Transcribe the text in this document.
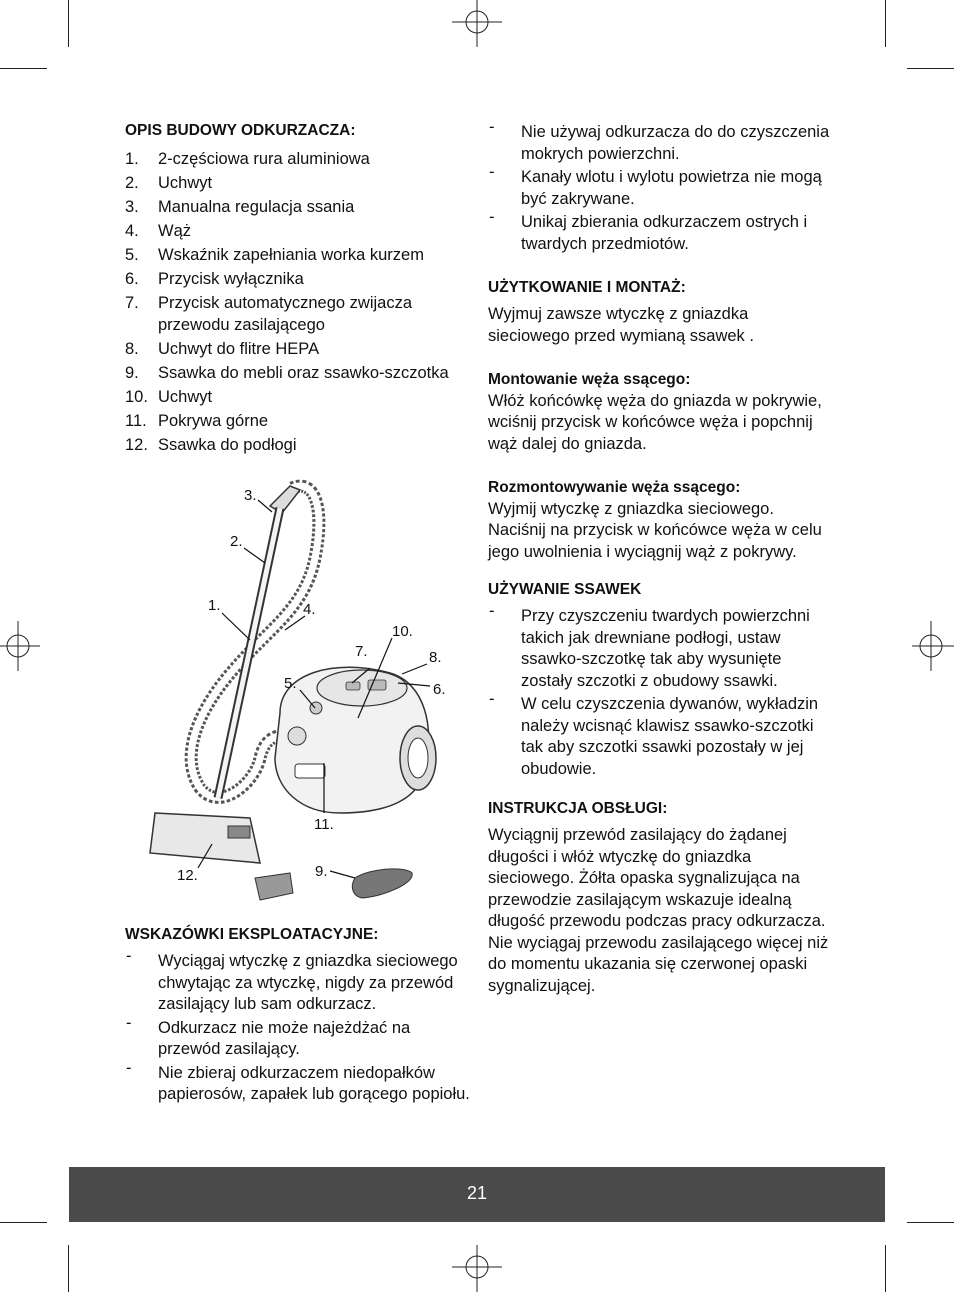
OPIS BUDOWY ODKURZACZA:
1. 2-częściowa rura aluminiowa
2. Uchwyt
3. Manualna regulacja ssania
4. Wąż
5. Wskaźnik zapełniania worka kurzem
6. Przycisk wyłącznika
7. Przycisk automatycznego zwijacza przewodu zasilającego
8. Uchwyt do flitre HEPA
9. Ssawka do mebli oraz ssawko-szczotka
10. Uchwyt
11. Pokrywa górne
12. Ssawka do podłogi
1.
2.
3.
4.
5.	6.
7.	8.
9.
10.
11.
12.
WSKAZÓWKI EKSPLOATACYJNE:
- Wyciągaj wtyczkę z gniazdka sieciowego chwytając za wtyczkę, nigdy za przewód zasilający lub sam odkurzacz.
- Odkurzacz nie może najeżdżać na przewód zasilający.
- Nie zbieraj odkurzaczem niedopałków papierosów, zapałek lub gorącego popiołu.
- Nie używaj odkurzacza do do czyszczenia mokrych powierzchni.
- Kanały wlotu i wylotu powietrza nie mogą być zakrywane.
- Unikaj zbierania odkurzaczem ostrych i twardych przedmiotów.
UŻYTKOWANIE I MONTAŻ:

Wyjmuj zawsze wtyczkę z gniazdka sieciowego przed wymianą ssawek .

Montowanie węża ssącego:
Włóż końcówkę węża do gniazda w pokrywie, wciśnij przycisk w końcówce węża i popchnij wąż dalej do gniazda.
Rozmontowywanie węża ssącego:
Wyjmij wtyczkę z gniazdka sieciowego. Naciśnij na przycisk w końcówce węża w celu jego uwolnienia i wyciągnij wąż z pokrywy.
UŻYWANIE SSAWEK
- Przy czyszczeniu twardych powierzchni takich jak drewniane podłogi, ustaw ssawko-szczotkę tak aby wysunięte zostały szczotki z obudowy ssawki.
- W celu czyszczenia dywanów, wykładzin należy wcisnąć klawisz ssawko-szczotki tak aby szczotki ssawki pozostały w jej obudowie.
INSTRUKCJA OBSŁUGI:

Wyciągnij przewód zasilający do żądanej długości i włóż wtyczkę do gniazdka sieciowego. Żółta opaska sygnalizująca na przewodzie zasilającym wskazuje idealną długość przewodu podczas pracy odkurzacza. Nie wyciągaj przewodu zasilającego więcej niż do momentu ukazania się czerwonej opaski sygnalizującej.

21
